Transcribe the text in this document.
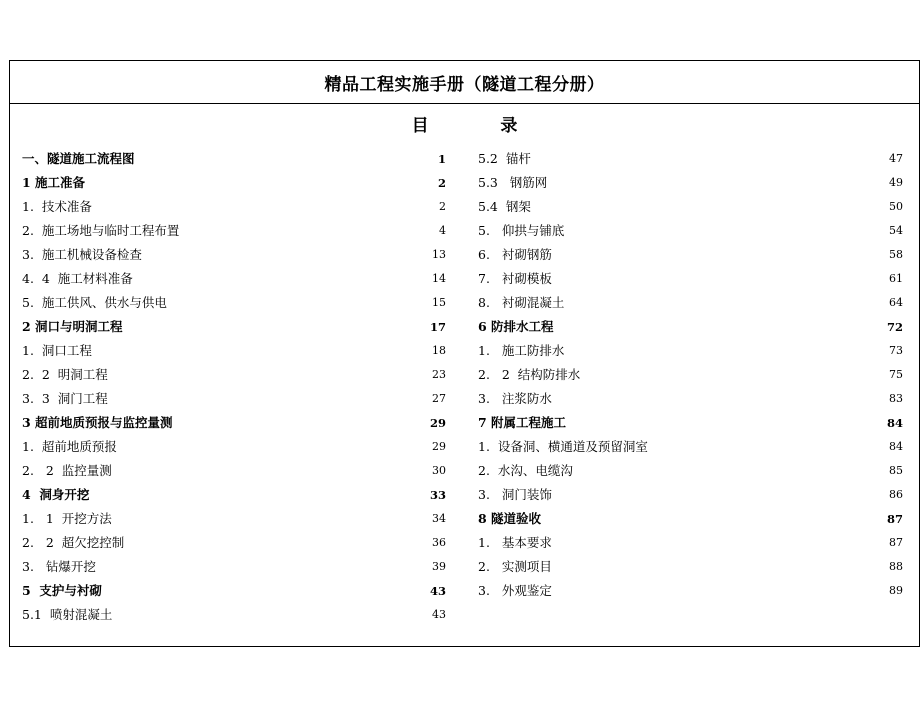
精品工程实施手册（隧道工程分册）
目	录
一、隧道施工流程图	1
1 施工准备	2
1.  技术准备	2
2.  施工场地与临时工程布置	4
3.  施工机械设备检查	13
4.  4  施工材料准备	14
5.  施工供风、供水与供电	15
2 洞口与明洞工程	17
1.  洞口工程	18
2.  2  明洞工程	23
3.  3  洞门工程	27
3 超前地质预报与监控量测	29
1.  超前地质预报	29
2.   2  监控量测	30
4  洞身开挖	33
1.   1  开挖方法	34
2.   2  超欠挖控制	36
3.   钻爆开挖	39
5  支护与衬砌	43
5.1  喷射混凝土	43
5.2  锚杆	47
5.3   钢筋网	49
5.4  钢架	50
5.   仰拱与铺底	54
6.   衬砌钢筋	58
7.   衬砌模板	61
8.   衬砌混凝土	64
6 防排水工程	72
1.   施工防排水	73
2.   2  结构防排水	75
3.   注浆防水	83
7 附属工程施工	84
1.  设备洞、横通道及预留洞室	84
2.  水沟、电缆沟	85
3.   洞门装饰	86
8 隧道验收	87
1.   基本要求	87
2.   实测项目	88
3.   外观鉴定	89
